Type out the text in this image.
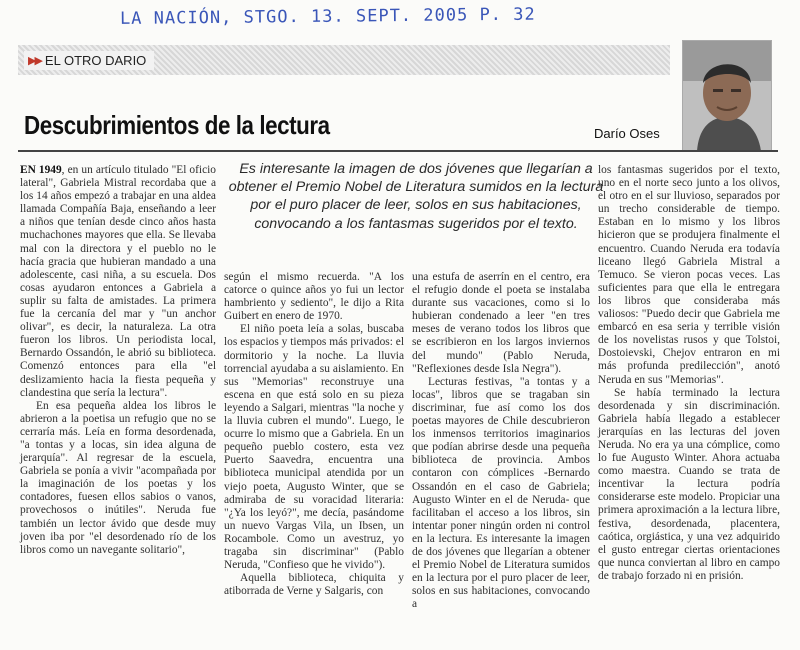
LA NACIÓN, STGO. 13. SEPT. 2005 P. 32
▶▶ EL OTRO DARIO
Descubrimientos de la lectura	Darío Oses
Es interesante la imagen de dos jóvenes que llegarían a obtener el Premio Nobel de Literatura sumidos en la lectura por el puro placer de leer, solos en sus habitaciones, convocando a los fantasmas sugeridos por el texto.

EN 1949, en un artículo titulado "El oficio lateral", Gabriela Mistral recordaba que a los 14 años empezó a trabajar en una aldea llamada Compañía Baja, enseñando a leer a niños que tenían desde cinco años hasta muchachones mayores que ella. Se llevaba mal con la directora y el pueblo no le hacía gracia que hubieran mandado a una adolescente, casi niña, a su escuela. Dos cosas ayudaron entonces a Gabriela a suplir su falta de amistades. La primera fue la cercanía del mar y "un anchor olivar", es decir, la naturaleza. La otra fueron los libros. Un periodista local, Bernardo Ossandón, le abrió su biblioteca. Comenzó entonces para ella "el deslizamiento hacia la fiesta pequeña y clandestina que sería la lectura".

En esa pequeña aldea los libros le abrieron a la poetisa un refugio que no se cerraría más. Leía en forma desordenada, "a tontas y a locas, sin idea alguna de jerarquía". Al regresar de la escuela, Gabriela se ponía a vivir "acompañada por la imaginación de los poetas y los contadores, fuesen ellos sabios o vanos, provechosos o inútiles". Neruda fue también un lector ávido que desde muy joven iba por "el desordenado río de los libros como un navegante solitario",

según el mismo recuerda. "A los catorce o quince años yo fui un lector hambriento y sediento", le dijo a Rita Guibert en enero de 1970.

El niño poeta leía a solas, buscaba los espacios y tiempos más privados: el dormitorio y la noche. La lluvia torrencial ayudaba a su aislamiento. En sus "Memorias" reconstruye una escena en que está solo en su pieza leyendo a Salgari, mientras "la noche y la lluvia cubren el mundo". Luego, le ocurre lo mismo que a Gabriela. En un pequeño pueblo costero, esta vez Puerto Saavedra, encuentra una biblioteca municipal atendida por un viejo poeta, Augusto Winter, que se admiraba de su voracidad literaria: "¿Ya los leyó?", me decía, pasándome un nuevo Vargas Vila, un Ibsen, un Rocambole. Como un avestruz, yo tragaba sin discriminar" (Pablo Neruda, "Confieso que he vivido").

Aquella biblioteca, chiquita y atiborrada de Verne y Salgaris, con

una estufa de aserrín en el centro, era el refugio donde el poeta se instalaba durante sus vacaciones, como si lo hubieran condenado a leer "en tres meses de verano todos los libros que se escribieron en los largos inviernos del mundo" (Pablo Neruda, "Reflexiones desde Isla Negra").

Lecturas festivas, "a tontas y a locas", libros que se tragaban sin discriminar, fue así como los dos poetas mayores de Chile descubrieron los inmensos territorios imaginarios que podían abrirse desde una pequeña biblioteca de provincia. Ambos contaron con cómplices -Bernardo Ossandón en el caso de Gabriela; Augusto Winter en el de Neruda- que facilitaban el acceso a los libros, sin intentar poner ningún orden ni control en la lectura. Es interesante la imagen de dos jóvenes que llegarían a obtener el Premio Nobel de Literatura sumidos en la lectura por el puro placer de leer, solos en sus habitaciones, convocando a

los fantasmas sugeridos por el texto, uno en el norte seco junto a los olivos, el otro en el sur lluvioso, separados por un trecho considerable de tiempo. Estaban en lo mismo y los libros hicieron que se produjera finalmente el encuentro. Cuando Neruda era todavía liceano llegó Gabriela Mistral a Temuco. Se vieron pocas veces. Las suficientes para que ella le entregara los libros que consideraba más valiosos: "Puedo decir que Gabriela me embarcó en esa seria y terrible visión de los novelistas rusos y que Tolstoi, Dostoievski, Chejov entraron en mi más profunda predilección", anotó Neruda en sus "Memorias".

Se había terminado la lectura desordenada y sin discriminación. Gabriela había llegado a establecer jerarquías en las lecturas del joven Neruda. No era ya una cómplice, como lo fue Augusto Winter. Ahora actuaba como maestra. Cuando se trata de incentivar la lectura podría considerarse este modelo. Propiciar una primera aproximación a la lectura libre, festiva, desordenada, placentera, caótica, orgiástica, y una vez adquirido el gusto entregar ciertas orientaciones que nunca conviertan al libro en campo de trabajo forzado ni en prisión.
